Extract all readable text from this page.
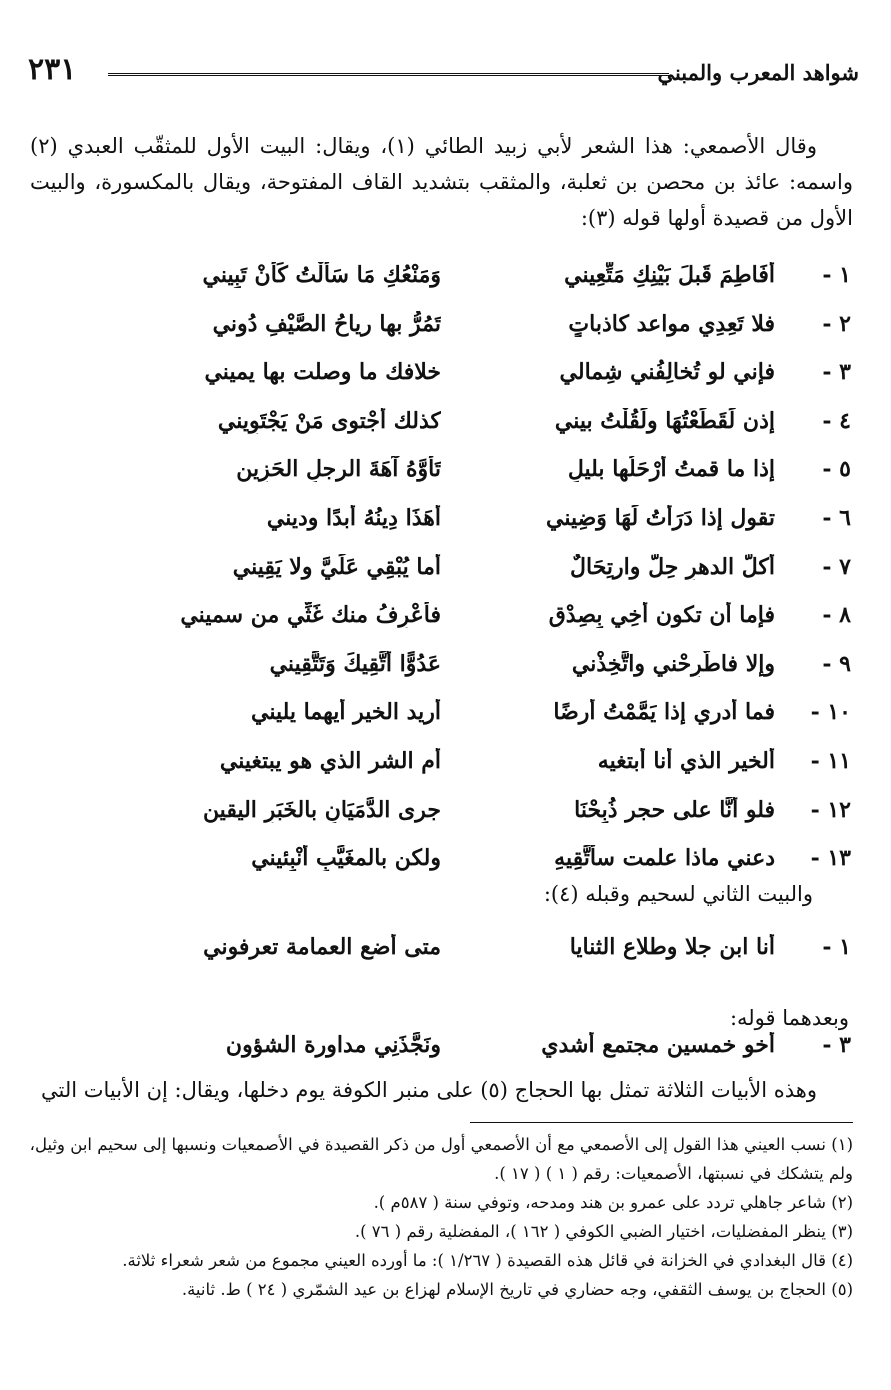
شواهد المعرب والمبني
٢٣١
وقال الأصمعي: هذا الشعر لأبي زبيد الطائي (١)، ويقال: البيت الأول للمثقّب العبدي (٢) واسمه: عائذ بن محصن بن ثعلبة، والمثقب بتشديد القاف المفتوحة، ويقال بالمكسورة، والبيت الأول من قصيدة أولها قوله (٣):
١ -
أَفَاطِمَ قَبلَ بَيْنِكِ مَتِّعِيني
وَمَنْعُكِ مَا سَأَلْتُ كَأَنْ تَبِيني
٢ -
فلا تَعِدِي مواعد كاذباتٍ
تَمُرُّ بها رياحُ الصَّيْفِ دُوني
٣ -
فإني لو تُخالِفُني شِمالي
خلافك ما وصلت بها يميني
٤ -
إذن لَقَطَعْتُهَا ولَقُلْتُ بيني
كذلك أجْتوى مَنْ يَجْتَوِيني
٥ -
إذا ما قمتُ أرْحَلُها بليلٍ
تَأَوَّهُ آهَةَ الرجلِ الحَزِينِ
٦ -
تقول إذا دَرَأْتُ لَهَا وَضِيني
أَهَذَا دِينُهُ أبدًا وديني
٧ -
أكلُّ الدهرِ حِلٌّ وارتِحَالٌ
أما يُبْقِي عَلَيَّ ولا يَقِيني
٨ -
فإما أن تكون أخِي بِصِدْقٍ
فأعْرِفُ منك غَثِّي من سميني
٩ -
وإلا فاطَّرِحْني واتَّخِذْني
عَدُوًّا أتَّقِيكَ وَتَتَّقِيني
١٠ -
فما أدري إذا يَمَّمْتُ أرضًا
أريد الخير أيهما يليني
١١ -
ألخير الذي أنا أبتغيه
أم الشر الذي هو يبتغيني
١٢ -
فلو أنَّا على حجر ذُبِحْنَا
جرى الدَّمَيَانِ بالخَبَرِ اليقينِ
١٣ -
دعني ماذا علمت سأتَّقِيهِ
ولكن بالمغَيَّبِ أنْبِئيني
والبيت الثاني لسحيم وقبله (٤):
١ -
أنا ابن جلا وطلاع الثنايا
متى أضع العمامة تعرفوني
وبعدهما قوله:
٣ -
أخو خمسين مجتمع أشدي
ونَجَّذَنِي مداورة الشؤون
وهذه الأبيات الثلاثة تمثل بها الحجاج (٥) على منبر الكوفة يوم دخلها، ويقال: إن الأبيات التي

(١) نسب العيني هذا القول إلى الأصمعي مع أن الأصمعي أول من ذكر القصيدة في الأصمعيات ونسبها إلى سحيم ابن وثيل، ولم يتشكك في نسبتها، الأصمعيات: رقم ( ١ ) ( ١٧ ).

(٢) شاعر جاهلي تردد على عمرو بن هند ومدحه، وتوفي سنة ( ٥٨٧م ).

(٣) ينظر المفضليات، اختيار الضبي الكوفي ( ١٦٢ )، المفضلية رقم ( ٧٦ ).

(٤) قال البغدادي في الخزانة في قائل هذه القصيدة ( ١/٢٦٧ ): ما أورده العيني مجموع من شعر شعراء ثلاثة.

(٥) الحجاج بن يوسف الثقفي، وجه حضاري في تاريخ الإسلام لهزاع بن عيد الشمّري ( ٢٤ ) ط. ثانية.
